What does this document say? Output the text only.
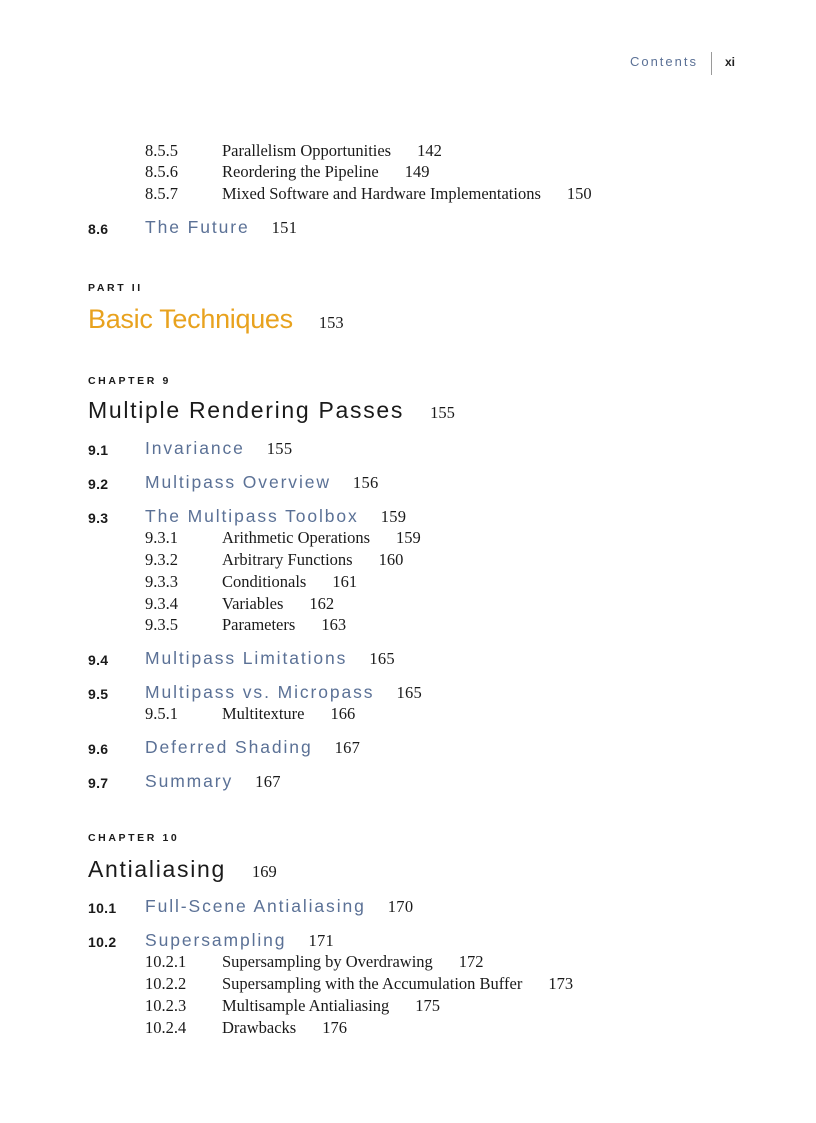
Contents xi
8.5.5	Parallelism Opportunities 142
8.5.6	Reordering the Pipeline 149
8.5.7	Mixed Software and Hardware Implementations 150
8.6 The Future 151
PART II
Basic Techniques 153
CHAPTER 9
Multiple Rendering Passes 155
9.1 Invariance 155
9.2 Multipass Overview 156
9.3 The Multipass Toolbox 159
9.3.1	Arithmetic Operations 159
9.3.2	Arbitrary Functions 160
9.3.3	Conditionals 161
9.3.4	Variables 162
9.3.5	Parameters 163
9.4 Multipass Limitations 165
9.5 Multipass vs. Micropass 165
9.5.1	Multitexture 166
9.6 Deferred Shading 167
9.7 Summary 167
CHAPTER 10
Antialiasing 169
10.1 Full-Scene Antialiasing 170
10.2 Supersampling 171
10.2.1 Supersampling by Overdrawing 172
10.2.2 Supersampling with the Accumulation Buffer 173
10.2.3 Multisample Antialiasing 175
10.2.4 Drawbacks 176
